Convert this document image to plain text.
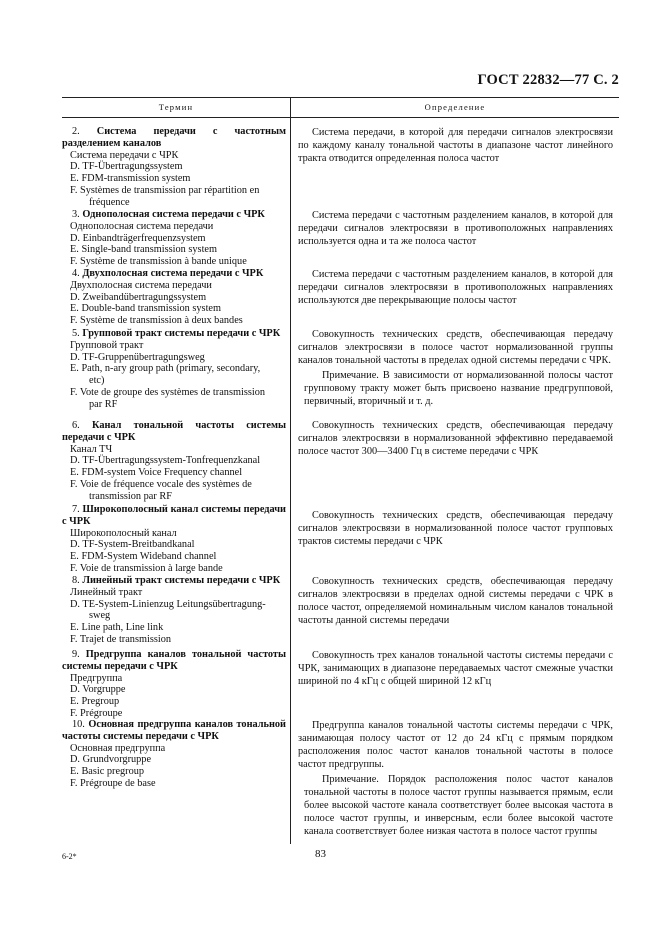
ГОСТ 22832—77 С. 2
Термин	Определение
2. Система передачи с частотным разделением каналов
Система передачи с ЧРК
D. TF-Übertragungssystem
E. FDM-transmission system
F. Systèmes de transmission par répartition en
fréquence
Система передачи, в которой для передачи сигналов электросвязи по каждому каналу тональной частоты в диапазоне частот линейного тракта отводится определенная полоса частот
3. Однополосная система передачи с ЧРК
Однополосная система передачи
D. Einbandträgerfrequenzsystem
E. Single-band transmission system
F. Système de transmission à bande unique
Система передачи с частотным разделением каналов, в которой для передачи сигналов электросвязи в противоположных направлениях используется одна и та же полоса частот
4. Двухполосная система передачи с ЧРК
Двухполосная система передачи
D. Zweibandübertragungssystem
E. Double-band transmission system
F. Système de transmission à deux bandes
Система передачи с частотным разделением каналов, в которой для передачи сигналов электросвязи в противоположных направлениях используются две перекрывающие полосы частот
5. Групповой тракт системы передачи с ЧРК
Групповой тракт
D. TF-Gruppenübertragungsweg
E. Path, n-ary group path (primary, secondary,
etc)
F. Vote de groupe des systèmes de transmission
par RF
Совокупность технических средств, обеспечивающая передачу сигналов электросвязи в полосе частот нормализованной группы каналов тональной частоты в пределах одной системы передачи с ЧРК.
Примечание. В зависимости от нормализованной полосы частот групповому тракту может быть присвоено название предгрупповой, первичный, вторичный и т. д.
6. Канал тональной частоты системы передачи с ЧРК
Канал ТЧ
D. TF-Übertragungssystem-Tonfrequenzkanal
E. FDM-system Voice Frequency channel
F. Voie de fréquence vocale des systèmes de
transmission par RF
Совокупность технических средств, обеспечивающая передачу сигналов электросвязи в нормализованной эффективно передаваемой полосе частот 300—3400 Гц в системе передачи с ЧРК
7. Широкополосный канал системы передачи с ЧРК
Широкополосный канал
D. TF-System-Breitbandkanal
E. FDM-System Wideband channel
F. Voie de transmission à large bande
Совокупность технических средств, обеспечивающая передачу сигналов электросвязи в нормализованной полосе частот групповых трактов системы передачи с ЧРК
8. Линейный тракт системы передачи с ЧРК
Линейный тракт
D. TE-System-Linienzug Leitungsübertragung-
sweg
E. Line path, Line link
F. Trajet de transmission
Совокупность технических средств, обеспечивающая передачу сигналов электросвязи в пределах одной системы передачи с ЧРК в полосе частот, определяемой номинальным числом каналов тональной частоты данной системы передачи
9. Предгруппа каналов тональной частоты системы передачи с ЧРК
Предгруппа
D. Vorgruppe
E. Pregroup
F. Prégroupe
Совокупность трех каналов тональной частоты системы передачи с ЧРК, занимающих в диапазоне передаваемых частот смежные участки шириной по 4 кГц с общей шириной 12 кГц
10. Основная предгруппа каналов тональной частоты системы передачи с ЧРК
Основная предгруппа
D. Grundvorgruppe
E. Basic pregroup
F. Prégroupe de base
Предгруппа каналов тональной частоты системы передачи с ЧРК, занимающая полосу частот от 12 до 24 кГц с прямым порядком расположения полос частот каналов тональной частоты в полосе частот предгруппы.
Примечание. Порядок расположения полос частот каналов тональной частоты в полосе частот группы называется прямым, если более высокой частоте канала соответствует более высокая частота в полосе частот группы, и инверсным, если более высокой частоте канала соответствует более низкая частота в полосе частот группы
6-2*	83
